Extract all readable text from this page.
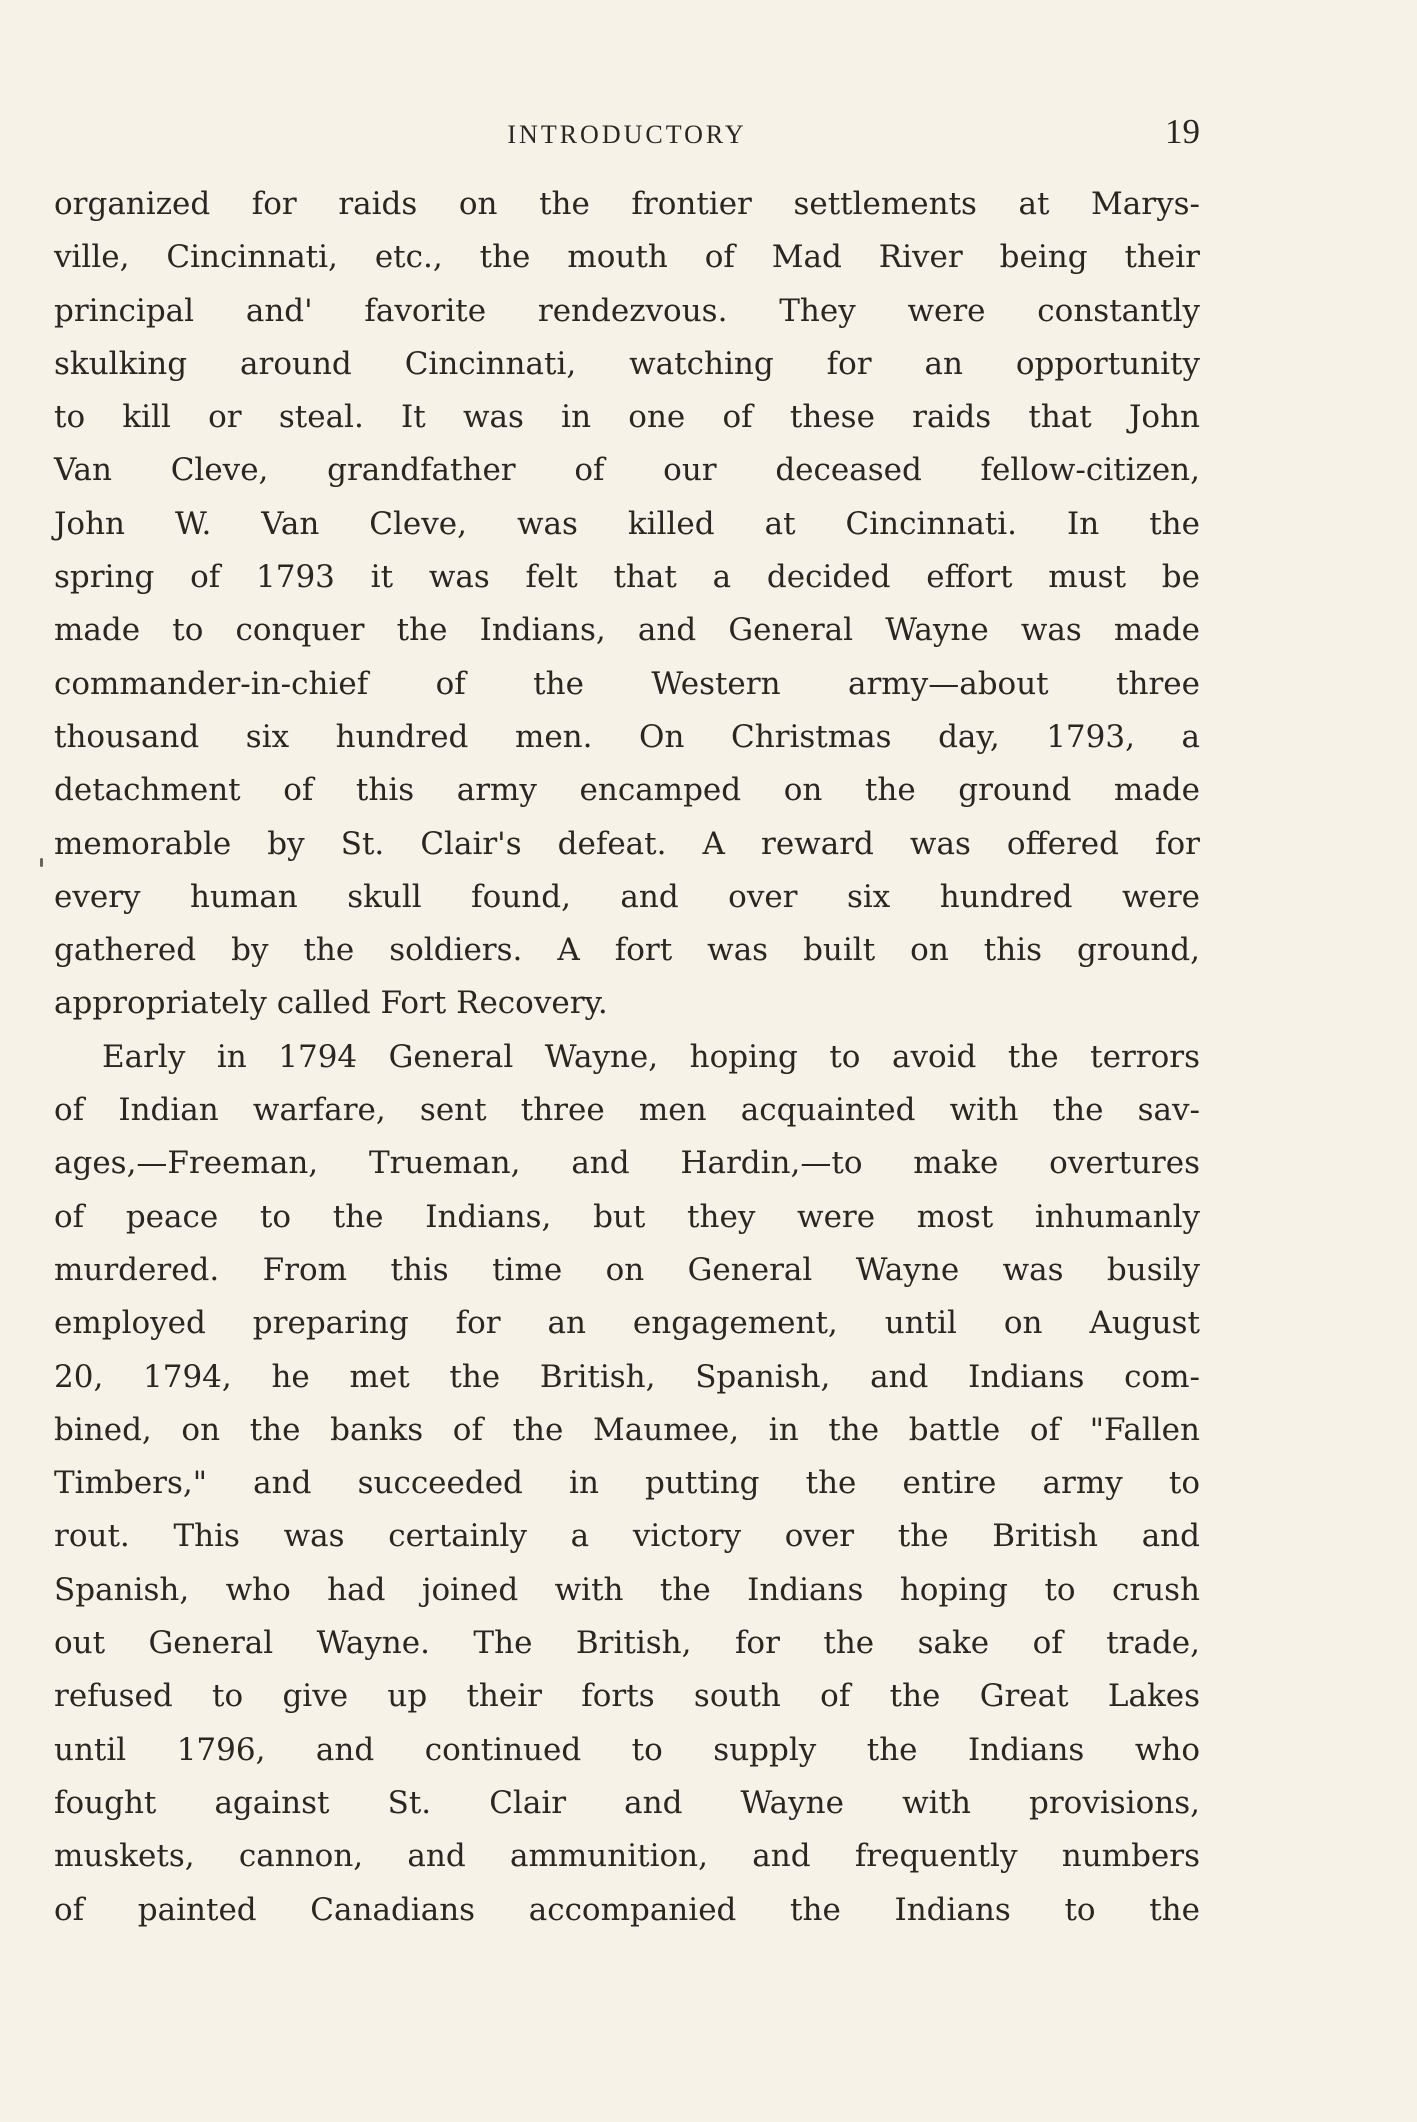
INTRODUCTORY	19
organized for raids on the frontier settlements at Marys-
ville, Cincinnati, etc., the mouth of Mad River being their
principal and' favorite rendezvous. They were constantly
skulking around Cincinnati, watching for an opportunity
to kill or steal. It was in one of these raids that John
Van Cleve, grandfather of our deceased fellow-citizen,
John W. Van Cleve, was killed at Cincinnati. In the
spring of 1793 it was felt that a decided effort must be
made to conquer the Indians, and General Wayne was made
commander-in-chief of the Western army—about three
thousand six hundred men. On Christmas day, 1793, a
detachment of this army encamped on the ground made
memorable by St. Clair's defeat. A reward was offered for
every human skull found, and over six hundred were
gathered by the soldiers. A fort was built on this ground,
appropriately called Fort Recovery.
Early in 1794 General Wayne, hoping to avoid the terrors
of Indian warfare, sent three men acquainted with the sav-
ages,—Freeman, Trueman, and Hardin,—to make overtures
of peace to the Indians, but they were most inhumanly
murdered. From this time on General Wayne was busily
employed preparing for an engagement, until on August
20, 1794, he met the British, Spanish, and Indians com-
bined, on the banks of the Maumee, in the battle of "Fallen
Timbers," and succeeded in putting the entire army to
rout. This was certainly a victory over the British and
Spanish, who had joined with the Indians hoping to crush
out General Wayne. The British, for the sake of trade,
refused to give up their forts south of the Great Lakes
until 1796, and continued to supply the Indians who
fought against St. Clair and Wayne with provisions,
muskets, cannon, and ammunition, and frequently numbers
of painted Canadians accompanied the Indians to the
